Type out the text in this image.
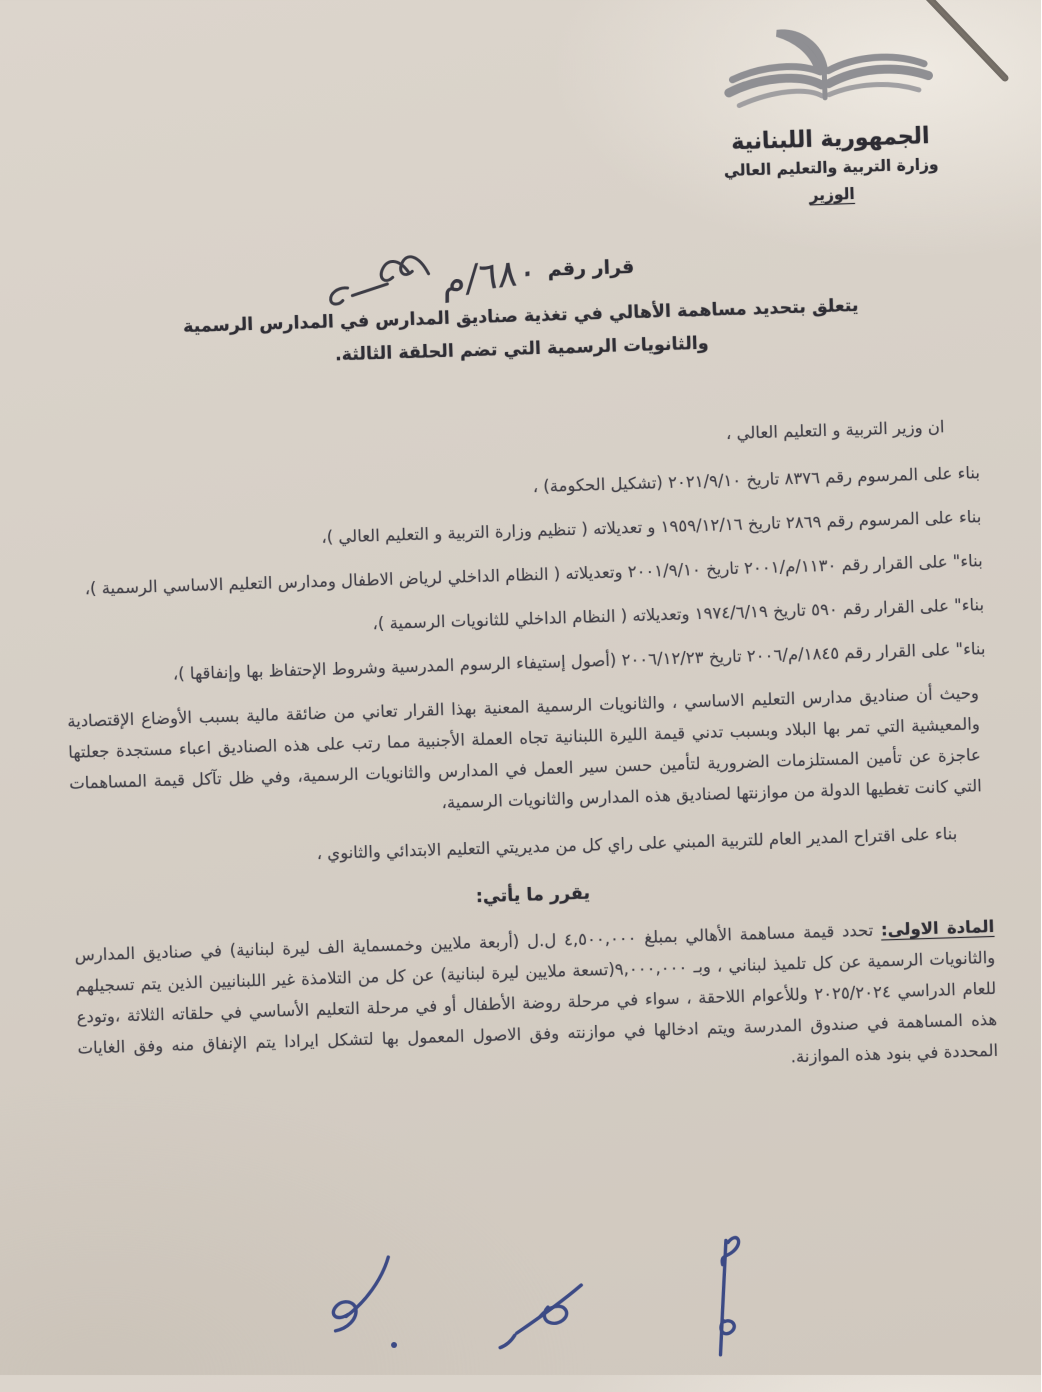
الجمهورية اللبنانية
وزارة التربية والتعليم العالي
الوزير
قرار رقم
٦٨٠/م
يتعلق بتحديد مساهمة الأهالي في تغذية صناديق المدارس في المدارس الرسمية
والثانويات الرسمية التي تضم الحلقة الثالثة.
ان وزير التربية و التعليم العالي ،
بناء على المرسوم رقم ٨٣٧٦ تاريخ ٢٠٢١/٩/١٠ (تشكيل الحكومة) ،
بناء على المرسوم رقم ٢٨٦٩ تاريخ ١٩٥٩/١٢/١٦ و تعديلاته ( تنظيم وزارة التربية و التعليم العالي )،
بناء" على القرار رقم ١١٣٠/م/٢٠٠١ تاريخ ٢٠٠١/٩/١٠ وتعديلاته ( النظام الداخلي لرياض الاطفال ومدارس التعليم الاساسي الرسمية )،
بناء" على القرار رقم ٥٩٠ تاريخ ١٩٧٤/٦/١٩ وتعديلاته ( النظام الداخلي للثانويات الرسمية )،
بناء" على القرار رقم ١٨٤٥/م/٢٠٠٦ تاريخ ٢٠٠٦/١٢/٢٣ (أصول إستيفاء الرسوم المدرسية وشروط الإحتفاظ بها وإنفاقها )،
وحيث أن صناديق مدارس التعليم الاساسي ، والثانويات الرسمية المعنية بهذا القرار تعاني من ضائقة مالية بسبب الأوضاع الإقتصادية والمعيشية التي تمر بها البلاد وبسبب تدني قيمة الليرة اللبنانية تجاه العملة الأجنبية مما رتب على هذه الصناديق اعباء مستجدة جعلتها عاجزة عن تأمين المستلزمات الضرورية لتأمين حسن سير العمل في المدارس والثانويات الرسمية، وفي ظل تآكل قيمة المساهمات التي كانت تغطيها الدولة من موازنتها لصناديق هذه المدارس والثانويات الرسمية،
بناء على اقتراح المدير العام للتربية المبني على راي كل من مديريتي التعليم الابتدائي والثانوي ،
يقرر ما يأتي:
المادة الاولى: تحدد قيمة مساهمة الأهالي بمبلغ ٤,٥٠٠,٠٠٠ ل.ل (أربعة ملايين وخمسماية الف ليرة لبنانية) في صناديق المدارس والثانويات الرسمية عن كل تلميذ لبناني ، وبـ ٩,٠٠٠,٠٠٠(تسعة ملايين ليرة لبنانية) عن كل من التلامذة غير اللبنانيين الذين يتم تسجيلهم للعام الدراسي ٢٠٢٥/٢٠٢٤ وللأعوام اللاحقة ، سواء في مرحلة روضة الأطفال أو في مرحلة التعليم الأساسي في حلقاته الثلاثة ،وتودع هذه المساهمة في صندوق المدرسة ويتم ادخالها في موازنته وفق الاصول المعمول بها لتشكل ايرادا يتم الإنفاق منه وفق الغايات المحددة في بنود هذه الموازنة.
